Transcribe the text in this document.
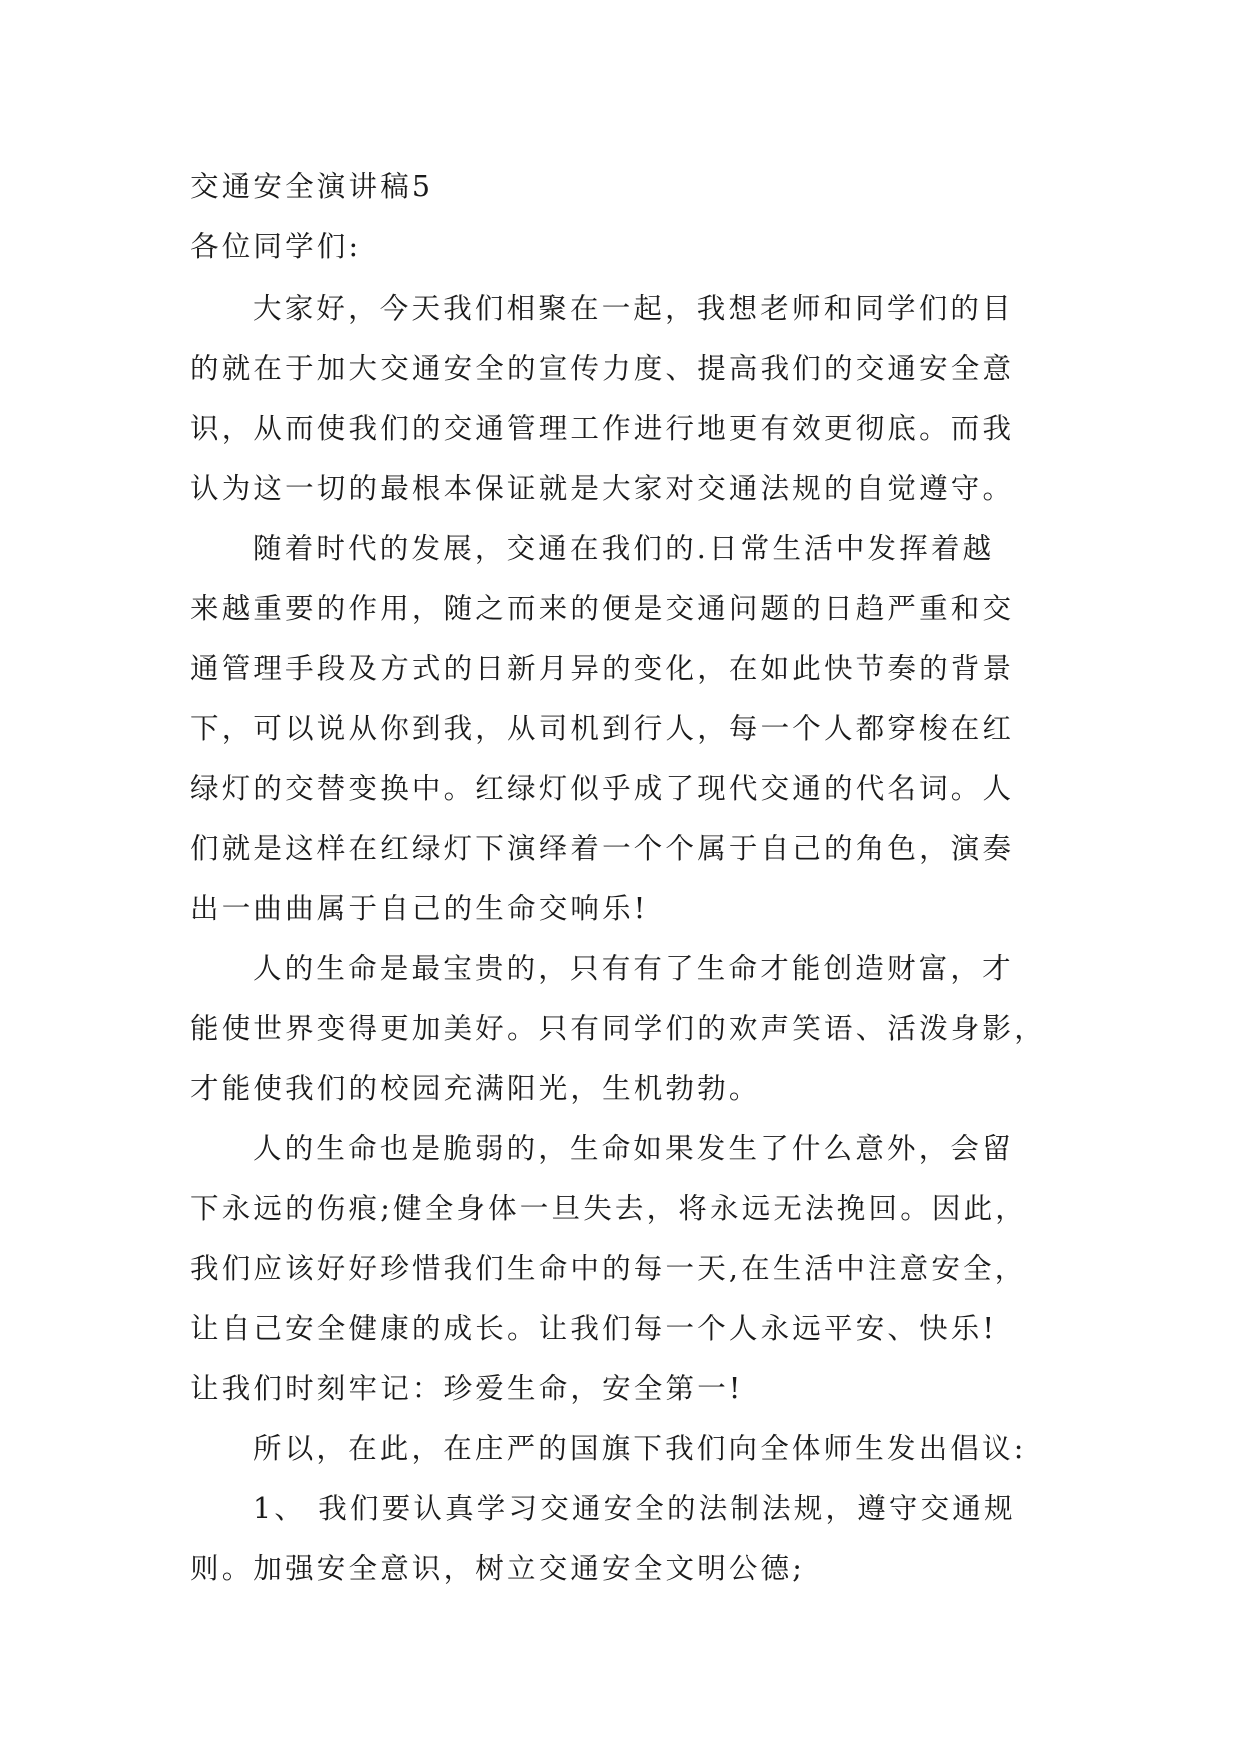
交通安全演讲稿5
各位同学们:
大家好，今天我们相聚在一起，我想老师和同学们的目
的就在于加大交通安全的宣传力度、提高我们的交通安全意
识，从而使我们的交通管理工作进行地更有效更彻底。而我
认为这一切的最根本保证就是大家对交通法规的自觉遵守。
随着时代的发展，交通在我们的.日常生活中发挥着越
来越重要的作用，随之而来的便是交通问题的日趋严重和交
通管理手段及方式的日新月异的变化，在如此快节奏的背景
下，可以说从你到我，从司机到行人，每一个人都穿梭在红
绿灯的交替变换中。红绿灯似乎成了现代交通的代名词。人
们就是这样在红绿灯下演绎着一个个属于自己的角色，演奏
出一曲曲属于自己的生命交响乐!
人的生命是最宝贵的，只有有了生命才能创造财富，才
能使世界变得更加美好。只有同学们的欢声笑语、活泼身影，
才能使我们的校园充满阳光，生机勃勃。
人的生命也是脆弱的，生命如果发生了什么意外，会留
下永远的伤痕;健全身体一旦失去，将永远无法挽回。因此，
我们应该好好珍惜我们生命中的每一天,在生活中注意安全，
让自己安全健康的成长。让我们每一个人永远平安、快乐!
让我们时刻牢记：珍爱生命，安全第一!
所以，在此，在庄严的国旗下我们向全体师生发出倡议:
1、 我们要认真学习交通安全的法制法规，遵守交通规
则。加强安全意识，树立交通安全文明公德;
